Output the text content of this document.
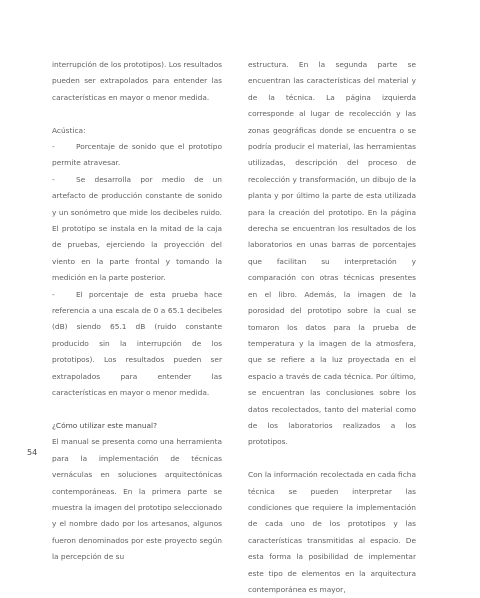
interrupción de los prototipos). Los resultados pueden ser extrapolados para entender las características en mayor o menor medida.

Acústica:

-	Porcentaje de sonido que el prototipo

permite atravesar.

-	Se desarrolla por medio de un

artefacto de producción constante de sonido y un sonómetro que mide los decibeles ruido. El prototipo se instala en la mitad de la caja de pruebas, ejerciendo la proyección del viento en la parte frontal y tomando la medición en la parte posterior.

-	El porcentaje de esta prueba hace

referencia a una escala de 0 a 65.1 decibeles (dB) siendo 65.1 dB (ruido constante producido sin la interrupción de los prototipos). Los resultados pueden ser extrapolados para entender las características en mayor o menor medida.

¿Cómo utilizar este manual?

El manual se presenta como una herramienta para la implementación de técnicas vernáculas en soluciones arquitectónicas contemporáneas. En la primera parte se muestra la imagen del prototipo seleccionado y el nombre dado por los artesanos, algunos fueron denominados por este proyecto según la percepción de su

estructura. En la segunda parte se encuentran las características del material y de la técnica. La página izquierda corresponde al lugar de recolección y las zonas geográficas donde se encuentra o se podría producir el material, las herramientas utilizadas, descripción del proceso de recolección y transformación, un dibujo de la planta y por último la parte de esta utilizada para la creación del prototipo. En la página derecha se encuentran los resultados de los laboratorios en unas barras de porcentajes que facilitan su interpretación y comparación con otras técnicas presentes en el libro. Además, la imagen de la porosidad del prototipo sobre la cual se tomaron los datos para la prueba de temperatura y la imagen de la atmosfera, que se refiere a la luz proyectada en el espacio a través de cada técnica. Por último, se encuentran las conclusiones sobre los datos recolectados, tanto del material como de los laboratorios realizados a los prototipos.

Con la información recolectada en cada ficha técnica se pueden interpretar las condiciones que requiere la implementación de cada uno de los prototipos y las características transmitidas al espacio. De esta forma la posibilidad de implementar este tipo de elementos en la arquitectura contemporánea es mayor,

54
